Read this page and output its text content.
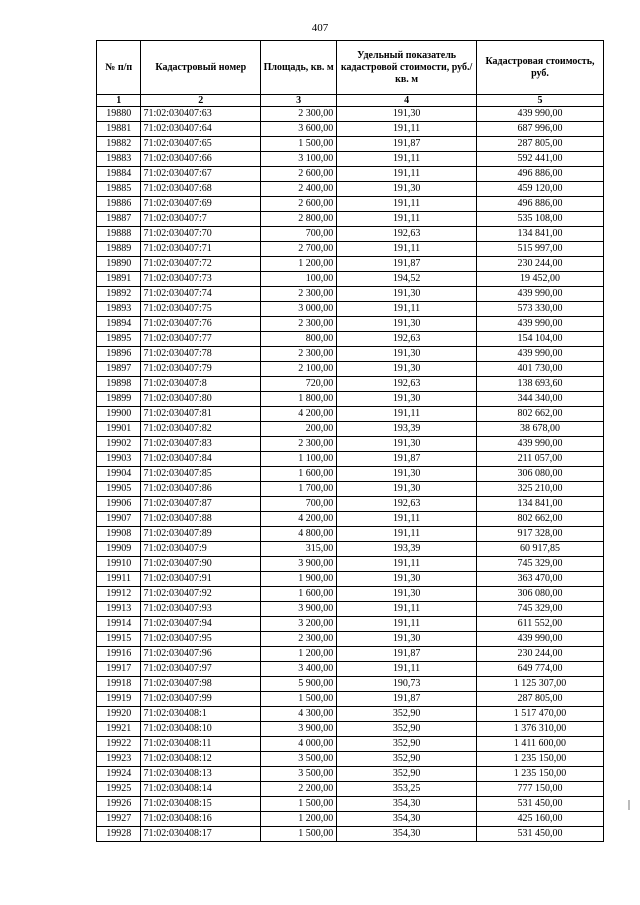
407
№ п/п	Кадастровый номер	Площадь, кв. м	Удельный показатель кадастровой стоимости, руб./кв. м	Кадастровая стоимость, руб.
1	2	3	4	5
19880	71:02:030407:63	2 300,00	191,30	439 990,00
19881	71:02:030407:64	3 600,00	191,11	687 996,00
19882	71:02:030407:65	1 500,00	191,87	287 805,00
19883	71:02:030407:66	3 100,00	191,11	592 441,00
19884	71:02:030407:67	2 600,00	191,11	496 886,00
19885	71:02:030407:68	2 400,00	191,30	459 120,00
19886	71:02:030407:69	2 600,00	191,11	496 886,00
19887	71:02:030407:7	2 800,00	191,11	535 108,00
19888	71:02:030407:70	700,00	192,63	134 841,00
19889	71:02:030407:71	2 700,00	191,11	515 997,00
19890	71:02:030407:72	1 200,00	191,87	230 244,00
19891	71:02:030407:73	100,00	194,52	19 452,00
19892	71:02:030407:74	2 300,00	191,30	439 990,00
19893	71:02:030407:75	3 000,00	191,11	573 330,00
19894	71:02:030407:76	2 300,00	191,30	439 990,00
19895	71:02:030407:77	800,00	192,63	154 104,00
19896	71:02:030407:78	2 300,00	191,30	439 990,00
19897	71:02:030407:79	2 100,00	191,30	401 730,00
19898	71:02:030407:8	720,00	192,63	138 693,60
19899	71:02:030407:80	1 800,00	191,30	344 340,00
19900	71:02:030407:81	4 200,00	191,11	802 662,00
19901	71:02:030407:82	200,00	193,39	38 678,00
19902	71:02:030407:83	2 300,00	191,30	439 990,00
19903	71:02:030407:84	1 100,00	191,87	211 057,00
19904	71:02:030407:85	1 600,00	191,30	306 080,00
19905	71:02:030407:86	1 700,00	191,30	325 210,00
19906	71:02:030407:87	700,00	192,63	134 841,00
19907	71:02:030407:88	4 200,00	191,11	802 662,00
19908	71:02:030407:89	4 800,00	191,11	917 328,00
19909	71:02:030407:9	315,00	193,39	60 917,85
19910	71:02:030407:90	3 900,00	191,11	745 329,00
19911	71:02:030407:91	1 900,00	191,30	363 470,00
19912	71:02:030407:92	1 600,00	191,30	306 080,00
19913	71:02:030407:93	3 900,00	191,11	745 329,00
19914	71:02:030407:94	3 200,00	191,11	611 552,00
19915	71:02:030407:95	2 300,00	191,30	439 990,00
19916	71:02:030407:96	1 200,00	191,87	230 244,00
19917	71:02:030407:97	3 400,00	191,11	649 774,00
19918	71:02:030407:98	5 900,00	190,73	1 125 307,00
19919	71:02:030407:99	1 500,00	191,87	287 805,00
19920	71:02:030408:1	4 300,00	352,90	1 517 470,00
19921	71:02:030408:10	3 900,00	352,90	1 376 310,00
19922	71:02:030408:11	4 000,00	352,90	1 411 600,00
19923	71:02:030408:12	3 500,00	352,90	1 235 150,00
19924	71:02:030408:13	3 500,00	352,90	1 235 150,00
19925	71:02:030408:14	2 200,00	353,25	777 150,00
19926	71:02:030408:15	1 500,00	354,30	531 450,00
19927	71:02:030408:16	1 200,00	354,30	425 160,00
19928	71:02:030408:17	1 500,00	354,30	531 450,00
